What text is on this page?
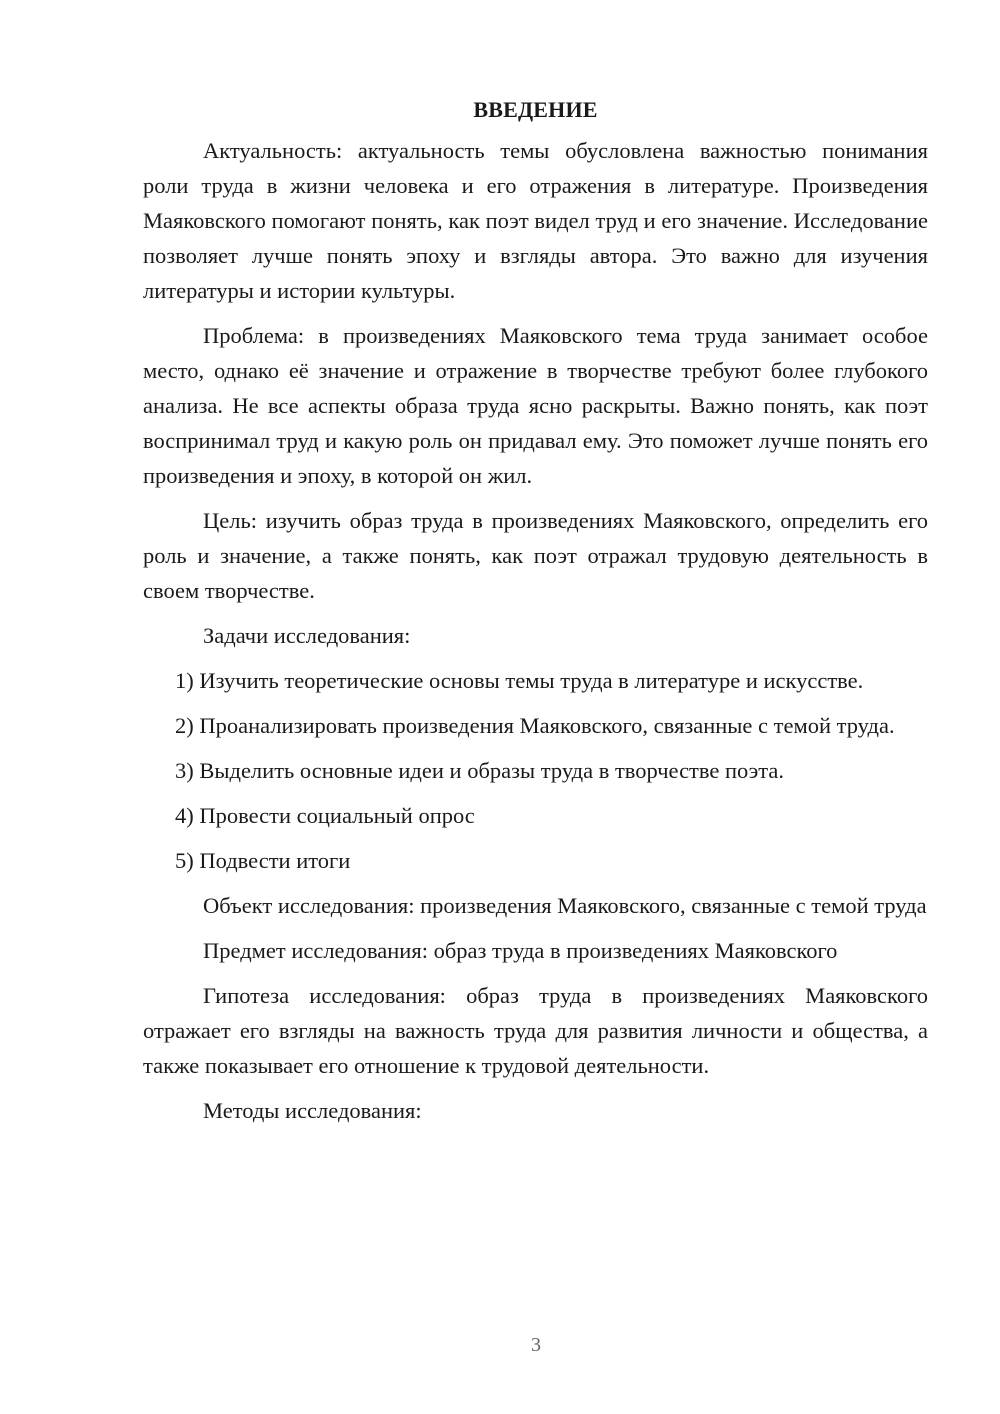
ВВЕДЕНИЕ

Актуальность: актуальность темы обусловлена важностью понимания роли труда в жизни человека и его отражения в литературе. Произведения Маяковского помогают понять, как поэт видел труд и его значение. Исследование позволяет лучше понять эпоху и взгляды автора. Это важно для изучения литературы и истории культуры.

Проблема: в произведениях Маяковского тема труда занимает особое место, однако её значение и отражение в творчестве требуют более глубокого анализа. Не все аспекты образа труда ясно раскрыты. Важно понять, как поэт воспринимал труд и какую роль он придавал ему. Это поможет лучше понять его произведения и эпоху, в которой он жил.

Цель: изучить образ труда в произведениях Маяковского, определить его роль и значение, а также понять, как поэт отражал трудовую деятельность в своем творчестве.

Задачи исследования:

1) Изучить теоретические основы темы труда в литературе и искусстве.

2) Проанализировать произведения Маяковского, связанные с темой труда.

3) Выделить основные идеи и образы труда в творчестве поэта.

4) Провести социальный опрос

5) Подвести итоги

Объект исследования: произведения Маяковского, связанные с темой труда

Предмет исследования: образ труда в произведениях Маяковского

Гипотеза исследования: образ труда в произведениях Маяковского отражает его взгляды на важность труда для развития личности и общества, а также показывает его отношение к трудовой деятельности.

Методы исследования:

3
